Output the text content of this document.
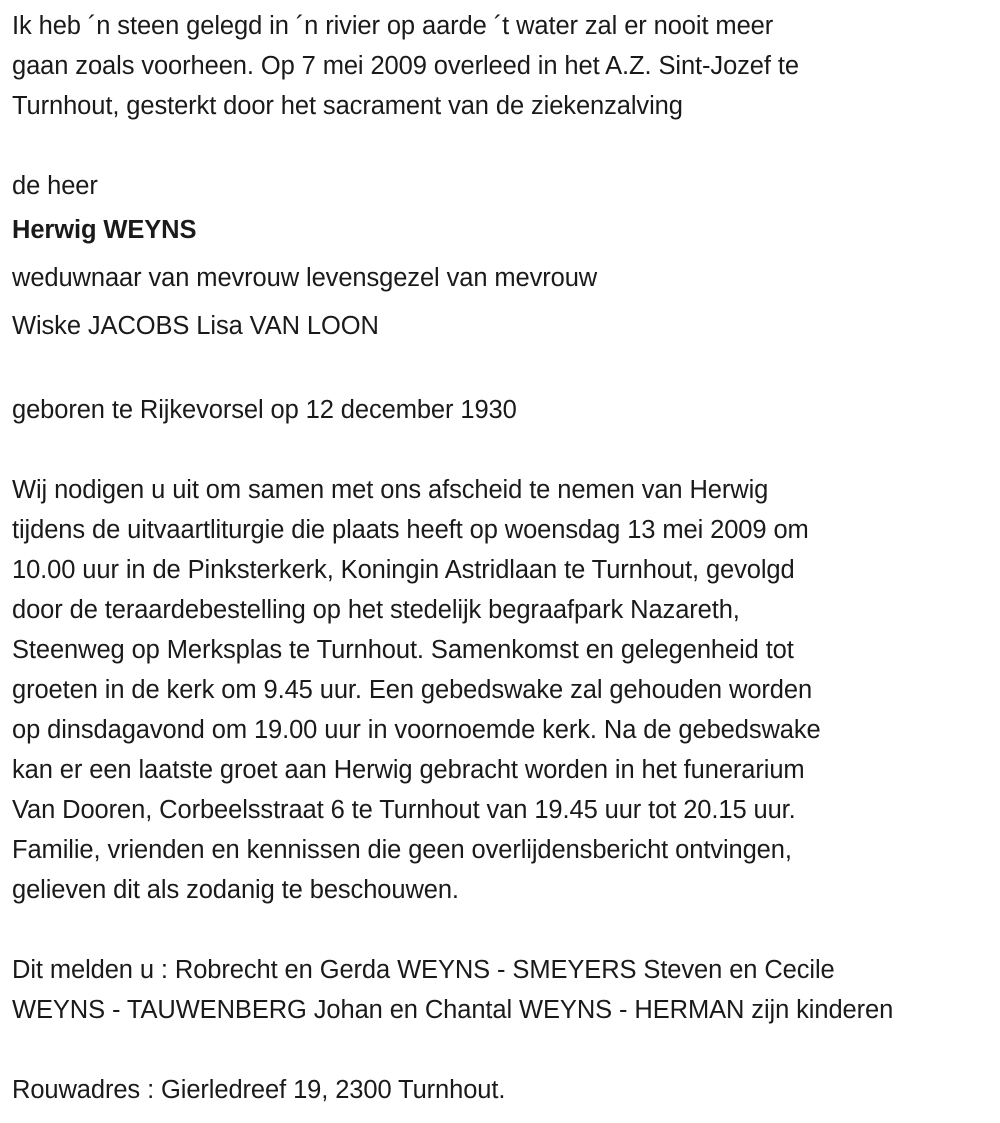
Ik heb ´n steen gelegd in ´n rivier op aarde ´t water zal er nooit meer
gaan zoals voorheen. Op 7 mei 2009 overleed in het A.Z. Sint-Jozef te
Turnhout, gesterkt door het sacrament van de ziekenzalving

de heer

Herwig WEYNS
weduwnaar van mevrouw levensgezel van mevrouw
Wiske JACOBS Lisa VAN LOON

geboren te Rijkevorsel op 12 december 1930

Wij nodigen u uit om samen met ons afscheid te nemen van Herwig
tijdens de uitvaartliturgie die plaats heeft op woensdag 13 mei 2009 om
10.00 uur in de Pinksterkerk, Koningin Astridlaan te Turnhout, gevolgd
door de teraardebestelling op het stedelijk begraafpark Nazareth,
Steenweg op Merksplas te Turnhout. Samenkomst en gelegenheid tot
groeten in de kerk om 9.45 uur. Een gebedswake zal gehouden worden
op dinsdagavond om 19.00 uur in voornoemde kerk. Na de gebedswake
kan er een laatste groet aan Herwig gebracht worden in het funerarium
Van Dooren, Corbeelsstraat 6 te Turnhout van 19.45 uur tot 20.15 uur.
Familie, vrienden en kennissen die geen overlijdensbericht ontvingen,
gelieven dit als zodanig te beschouwen.

Dit melden u : Robrecht en Gerda WEYNS - SMEYERS Steven en Cecile
WEYNS - TAUWENBERG Johan en Chantal WEYNS - HERMAN zijn kinderen

Rouwadres : Gierledreef 19, 2300 Turnhout.
